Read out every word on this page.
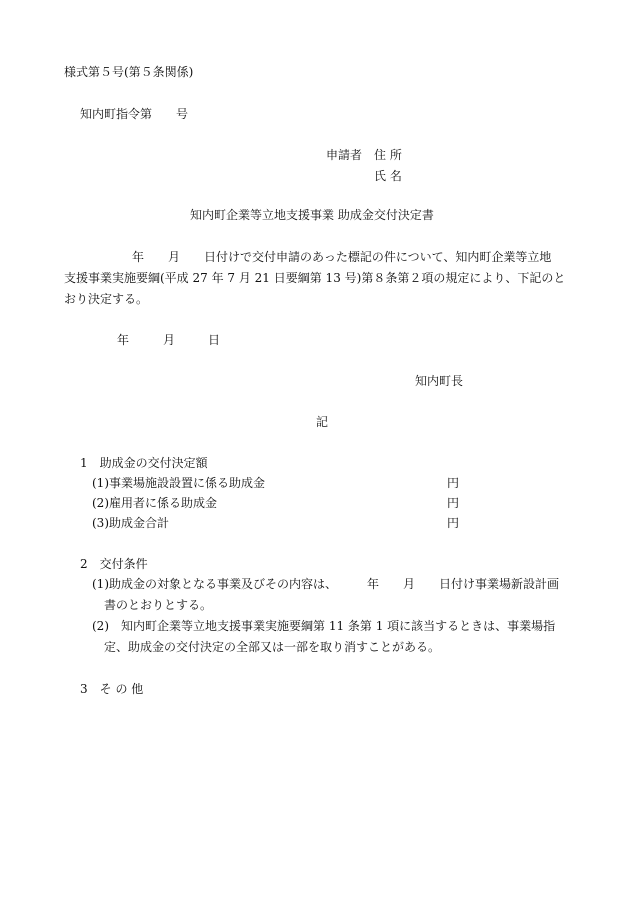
様式第５号(第５条関係)
知内町指令第　　号
申請者 住 所
氏 名
知内町企業等立地支援事業 助成金交付決定書
年　　月　　日付けで交付申請のあった標記の件について、知内町企業等立地
支援事業実施要綱(平成 27 年 7 月 21 日要綱第 13 号)第８条第２項の規定により、下記のと
おり決定する。
年	月	日
知内町長
記
1　助成金の交付決定額
(1)事業場施設設置に係る助成金	円
(2)雇用者に係る助成金	円
(3)助成金合計	円
2　交付条件
(1)助成金の対象となる事業及びその内容は、　　　年　　月　　日付け事業場新設計画
書のとおりとする。
(2)　知内町企業等立地支援事業実施要綱第 11 条第 1 項に該当するときは、事業場指
定、助成金の交付決定の全部又は一部を取り消すことがある。
3　そ の 他
